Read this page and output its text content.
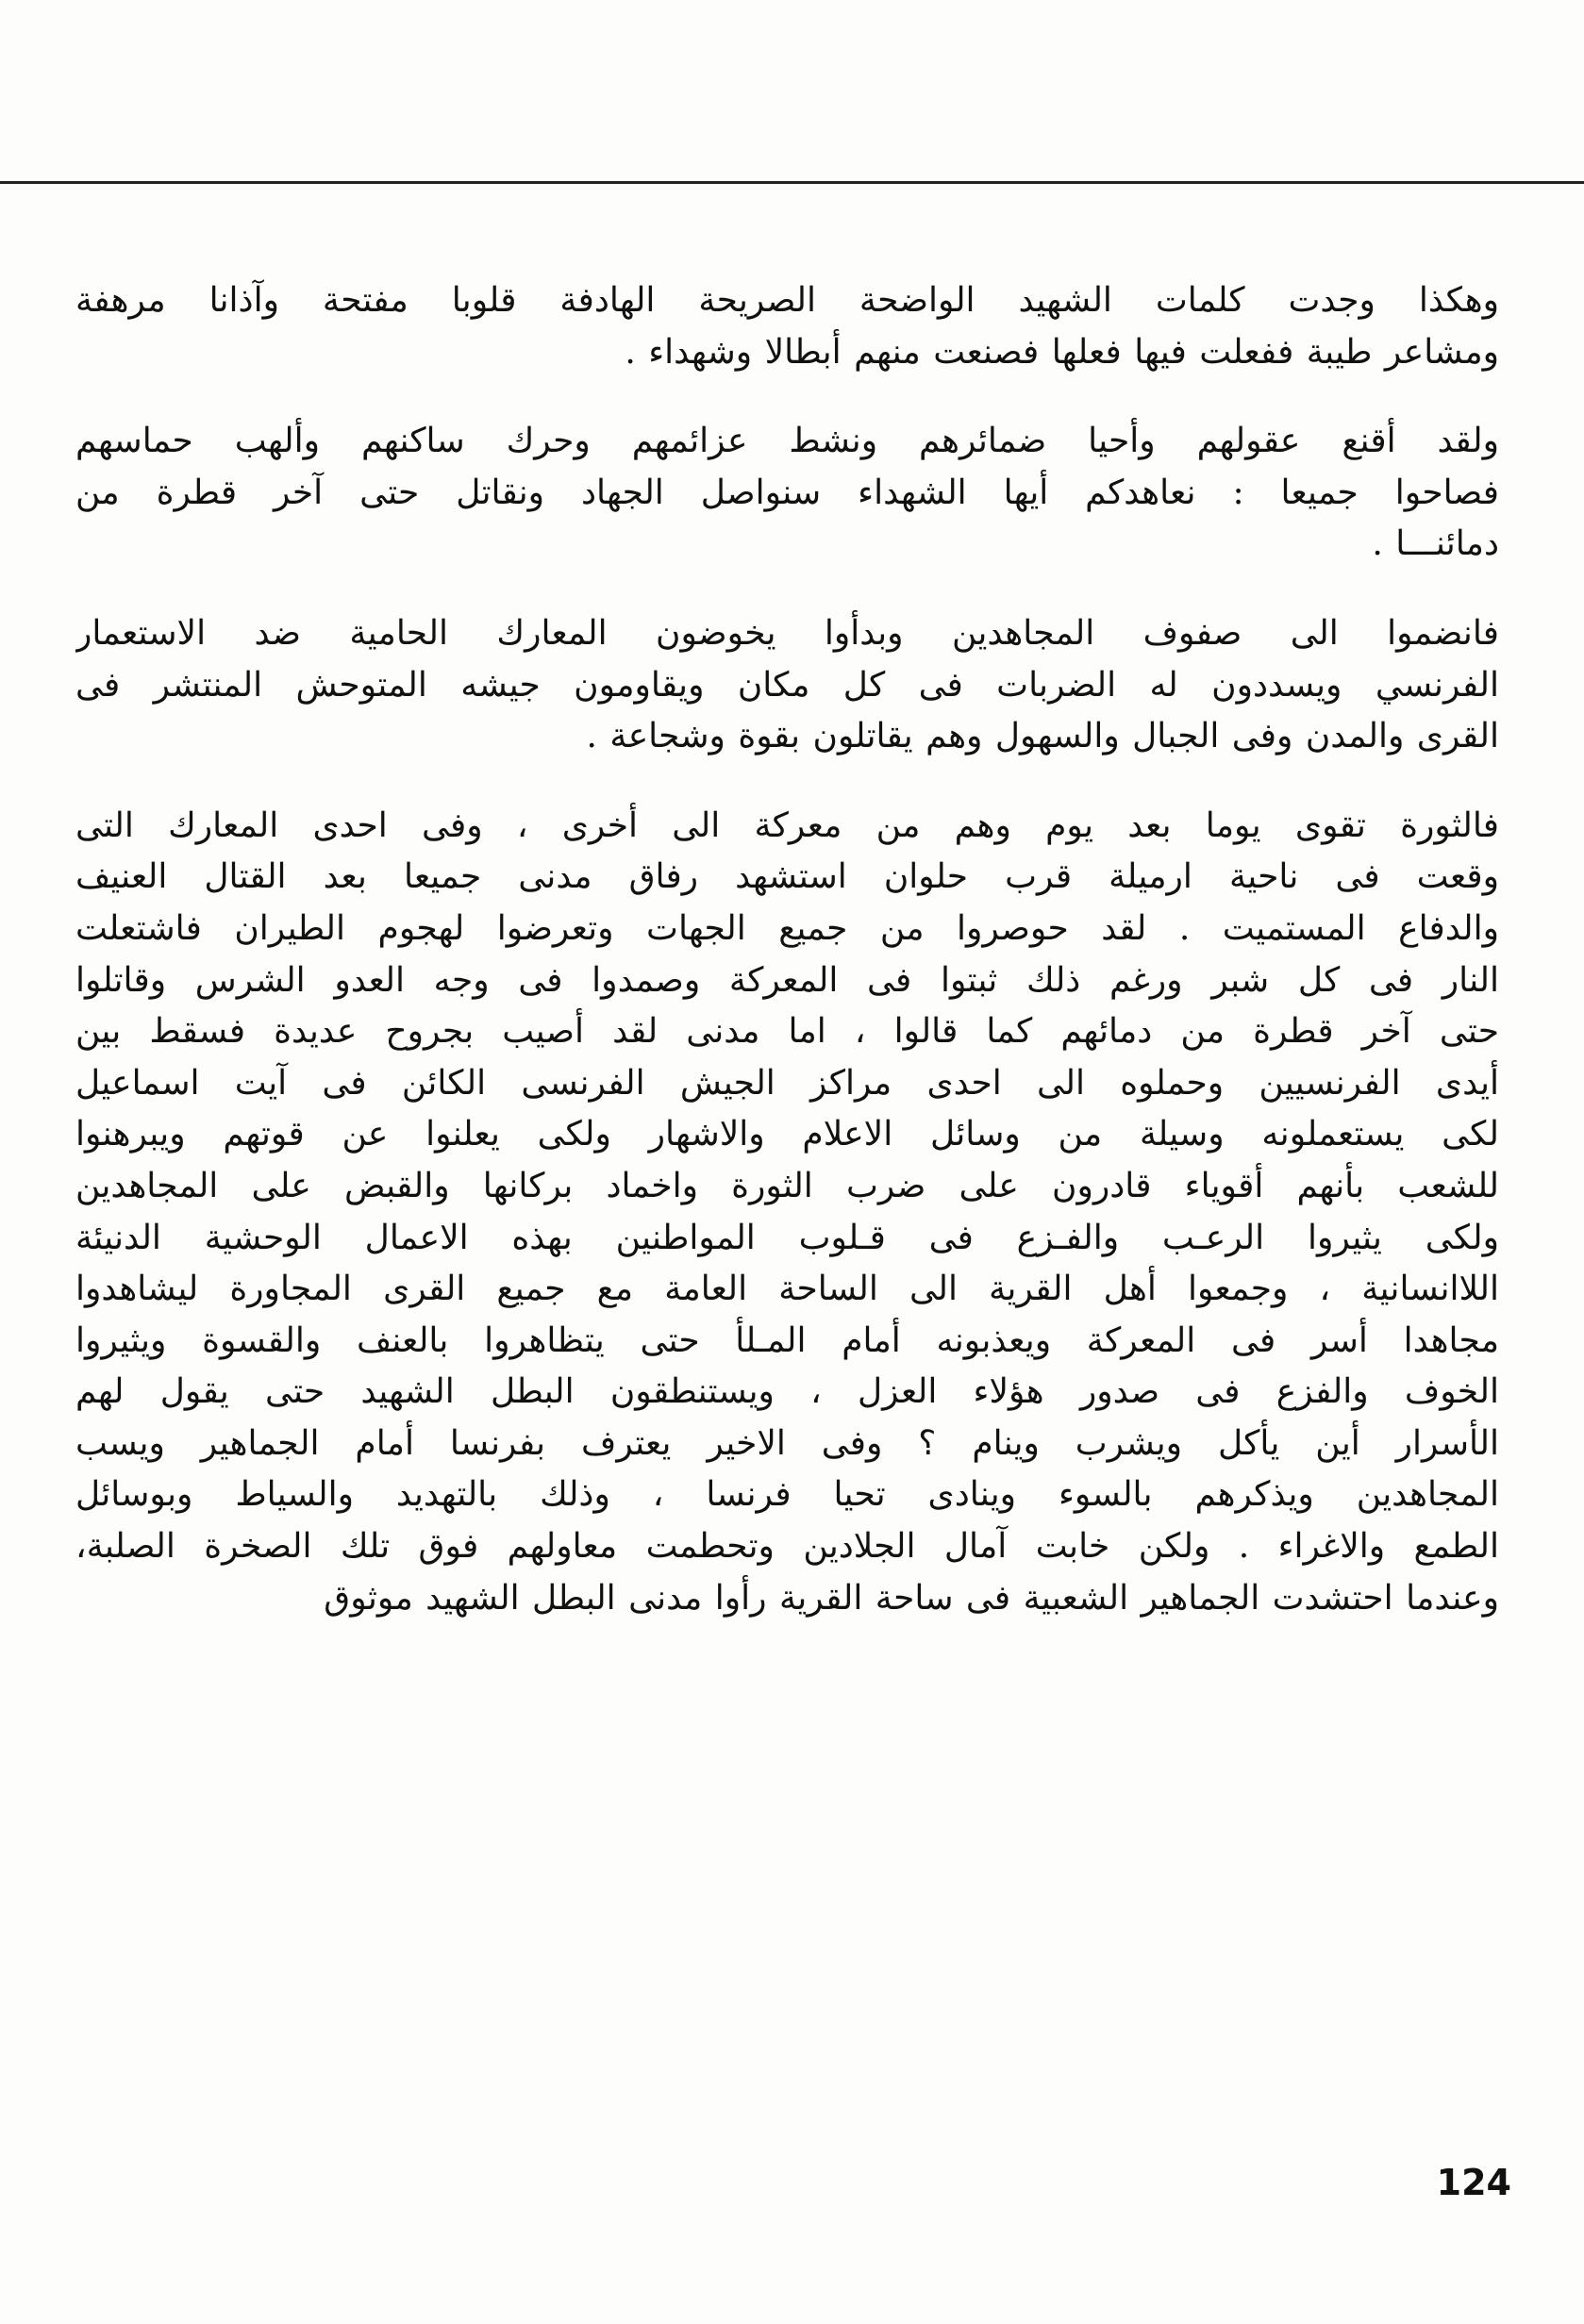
وهكذا وجدت كلمات الشهيد الواضحة الصريحة الهادفة قلوبا مفتحة وآذانا مرهفة
ومشاعر طيبة ففعلت فيها فعلها فصنعت منهم أبطالا وشهداء .

ولقد أقنع عقولهم وأحيا ضمائرهم ونشط عزائمهم وحرك ساكنهم وألهب حماسهم
فصاحوا جميعا : نعاهدكم أيها الشهداء سنواصل الجهاد ونقاتل حتى آخر قطرة من
دمائنـــا .

فانضموا الى صفوف المجاهدين وبدأوا يخوضون المعارك الحامية ضد الاستعمار
الفرنسي ويسددون له الضربات فى كل مكان ويقاومون جيشه المتوحش المنتشر فى
القرى والمدن وفى الجبال والسهول وهم يقاتلون بقوة وشجاعة .

فالثورة تقوى يوما بعد يوم وهم من معركة الى أخرى ، وفى احدى المعارك التى
وقعت فى ناحية ارميلة قرب حلوان استشهد رفاق مدنى جميعا بعد القتال العنيف
والدفاع المستميت . لقد حوصروا من جميع الجهات وتعرضوا لهجوم الطيران فاشتعلت
النار فى كل شبر ورغم ذلك ثبتوا فى المعركة وصمدوا فى وجه العدو الشرس وقاتلوا
حتى آخر قطرة من دمائهم كما قالوا ، اما مدنى لقد أصيب بجروح عديدة فسقط بين
أيدى الفرنسيين وحملوه الى احدى مراكز الجيش الفرنسى الكائن فى آيت اسماعيل
لكى يستعملونه وسيلة من وسائل الاعلام والاشهار ولكى يعلنوا عن قوتهم ويبرهنوا
للشعب بأنهم أقوياء قادرون على ضرب الثورة واخماد بركانها والقبض على المجاهدين
ولكى يثيروا الرعـب والفـزع فى قـلوب المواطنين بهذه الاعمال الوحشية الدنيئة
اللاانسانية ، وجمعوا أهل القرية الى الساحة العامة مع جميع القرى المجاورة ليشاهدوا
مجاهدا أسر فى المعركة ويعذبونه أمام المـلأ حتى يتظاهروا بالعنف والقسوة ويثيروا
الخوف والفزع فى صدور هؤلاء العزل ، ويستنطقون البطل الشهيد حتى يقول لهم
الأسرار أين يأكل ويشرب وينام ؟ وفى الاخير يعترف بفرنسا أمام الجماهير ويسب
المجاهدين ويذكرهم بالسوء وينادى تحيا فرنسا ، وذلك بالتهديد والسياط وبوسائل
الطمع والاغراء . ولكن خابت آمال الجلادين وتحطمت معاولهم فوق تلك الصخرة الصلبة،
وعندما احتشدت الجماهير الشعبية فى ساحة القرية رأوا مدنى البطل الشهيد موثوق

124
